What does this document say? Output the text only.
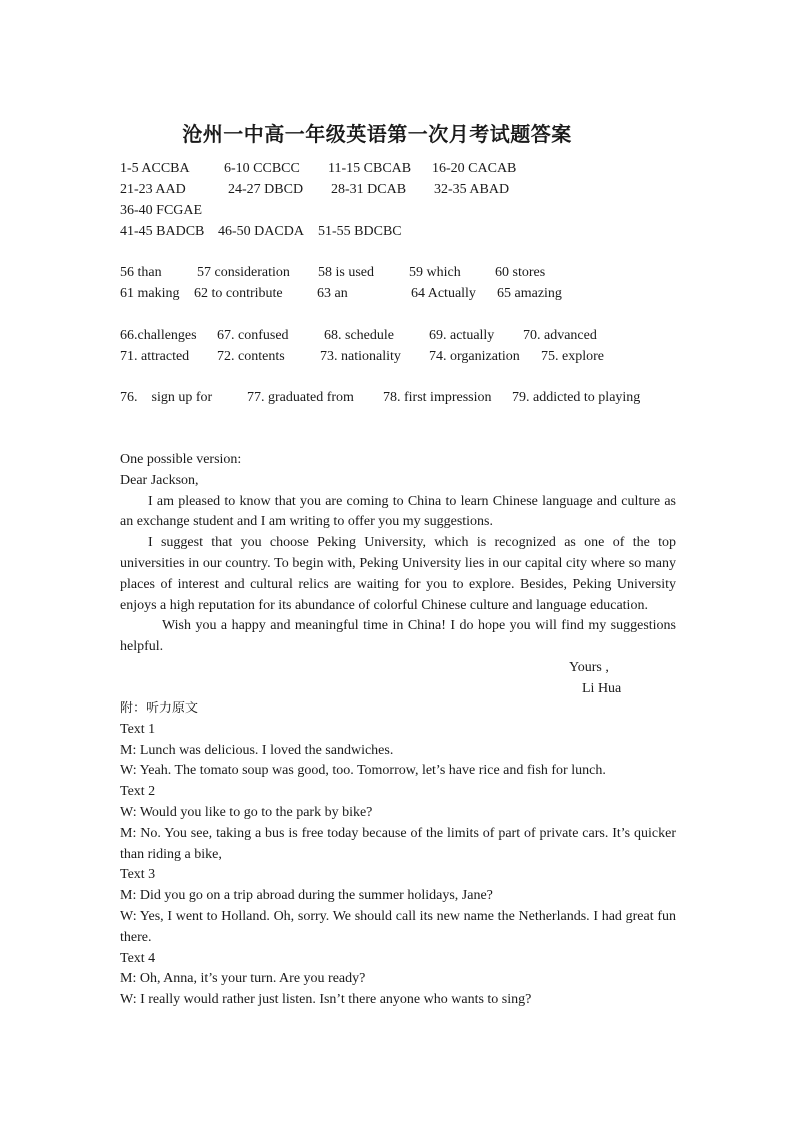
沧州一中高一年级英语第一次月考试题答案
1-5 ACCBA 6-10 CCBCC 11-15 CBCAB 16-20 CACAB
21-23 AAD	24-27 DBCD 28-31 DCAB 32-35 ABAD
36-40 FCGAE
41-45 BADCB 46-50 DACDA 51-55 BDCBC
56 than	57 consideration 58 is used	59 which 60 stores
61 making 62 to contribute 63 an	64 Actually 65 amazing
66.challenges 67. confused	68. schedule	69. actually 70. advanced
71. attracted 72. contents	73. nationality 74. organization 75. explore
76.    sign up for 77. graduated from 78. first impression 79. addicted to playing
One possible version:
Dear Jackson,
I am pleased to know that you are coming to China to learn Chinese language and culture as an exchange student and I am writing to offer you my suggestions.
I suggest that you choose Peking University, which is recognized as one of the top universities in our country. To begin with, Peking University lies in our capital city where so many places of interest and cultural relics are waiting for you to explore. Besides, Peking University enjoys a high reputation for its abundance of colorful Chinese culture and language education.
Wish you a happy and meaningful time in China! I do hope you will find my suggestions helpful.
Yours ,
Li Hua
附：听力原文
Text 1
M: Lunch was delicious. I loved the sandwiches.
W: Yeah. The tomato soup was good, too. Tomorrow, let’s have rice and fish for lunch.
Text 2
W: Would you like to go to the park by bike?
M: No. You see, taking a bus is free today because of the limits of part of private cars. It’s quicker than riding a bike,
Text 3
M: Did you go on a trip abroad during the summer holidays, Jane?
W: Yes, I went to Holland. Oh, sorry. We should call its new name the Netherlands. I had great fun there.
Text 4
M: Oh, Anna, it’s your turn. Are you ready?
W: I really would rather just listen. Isn’t there anyone who wants to sing?
